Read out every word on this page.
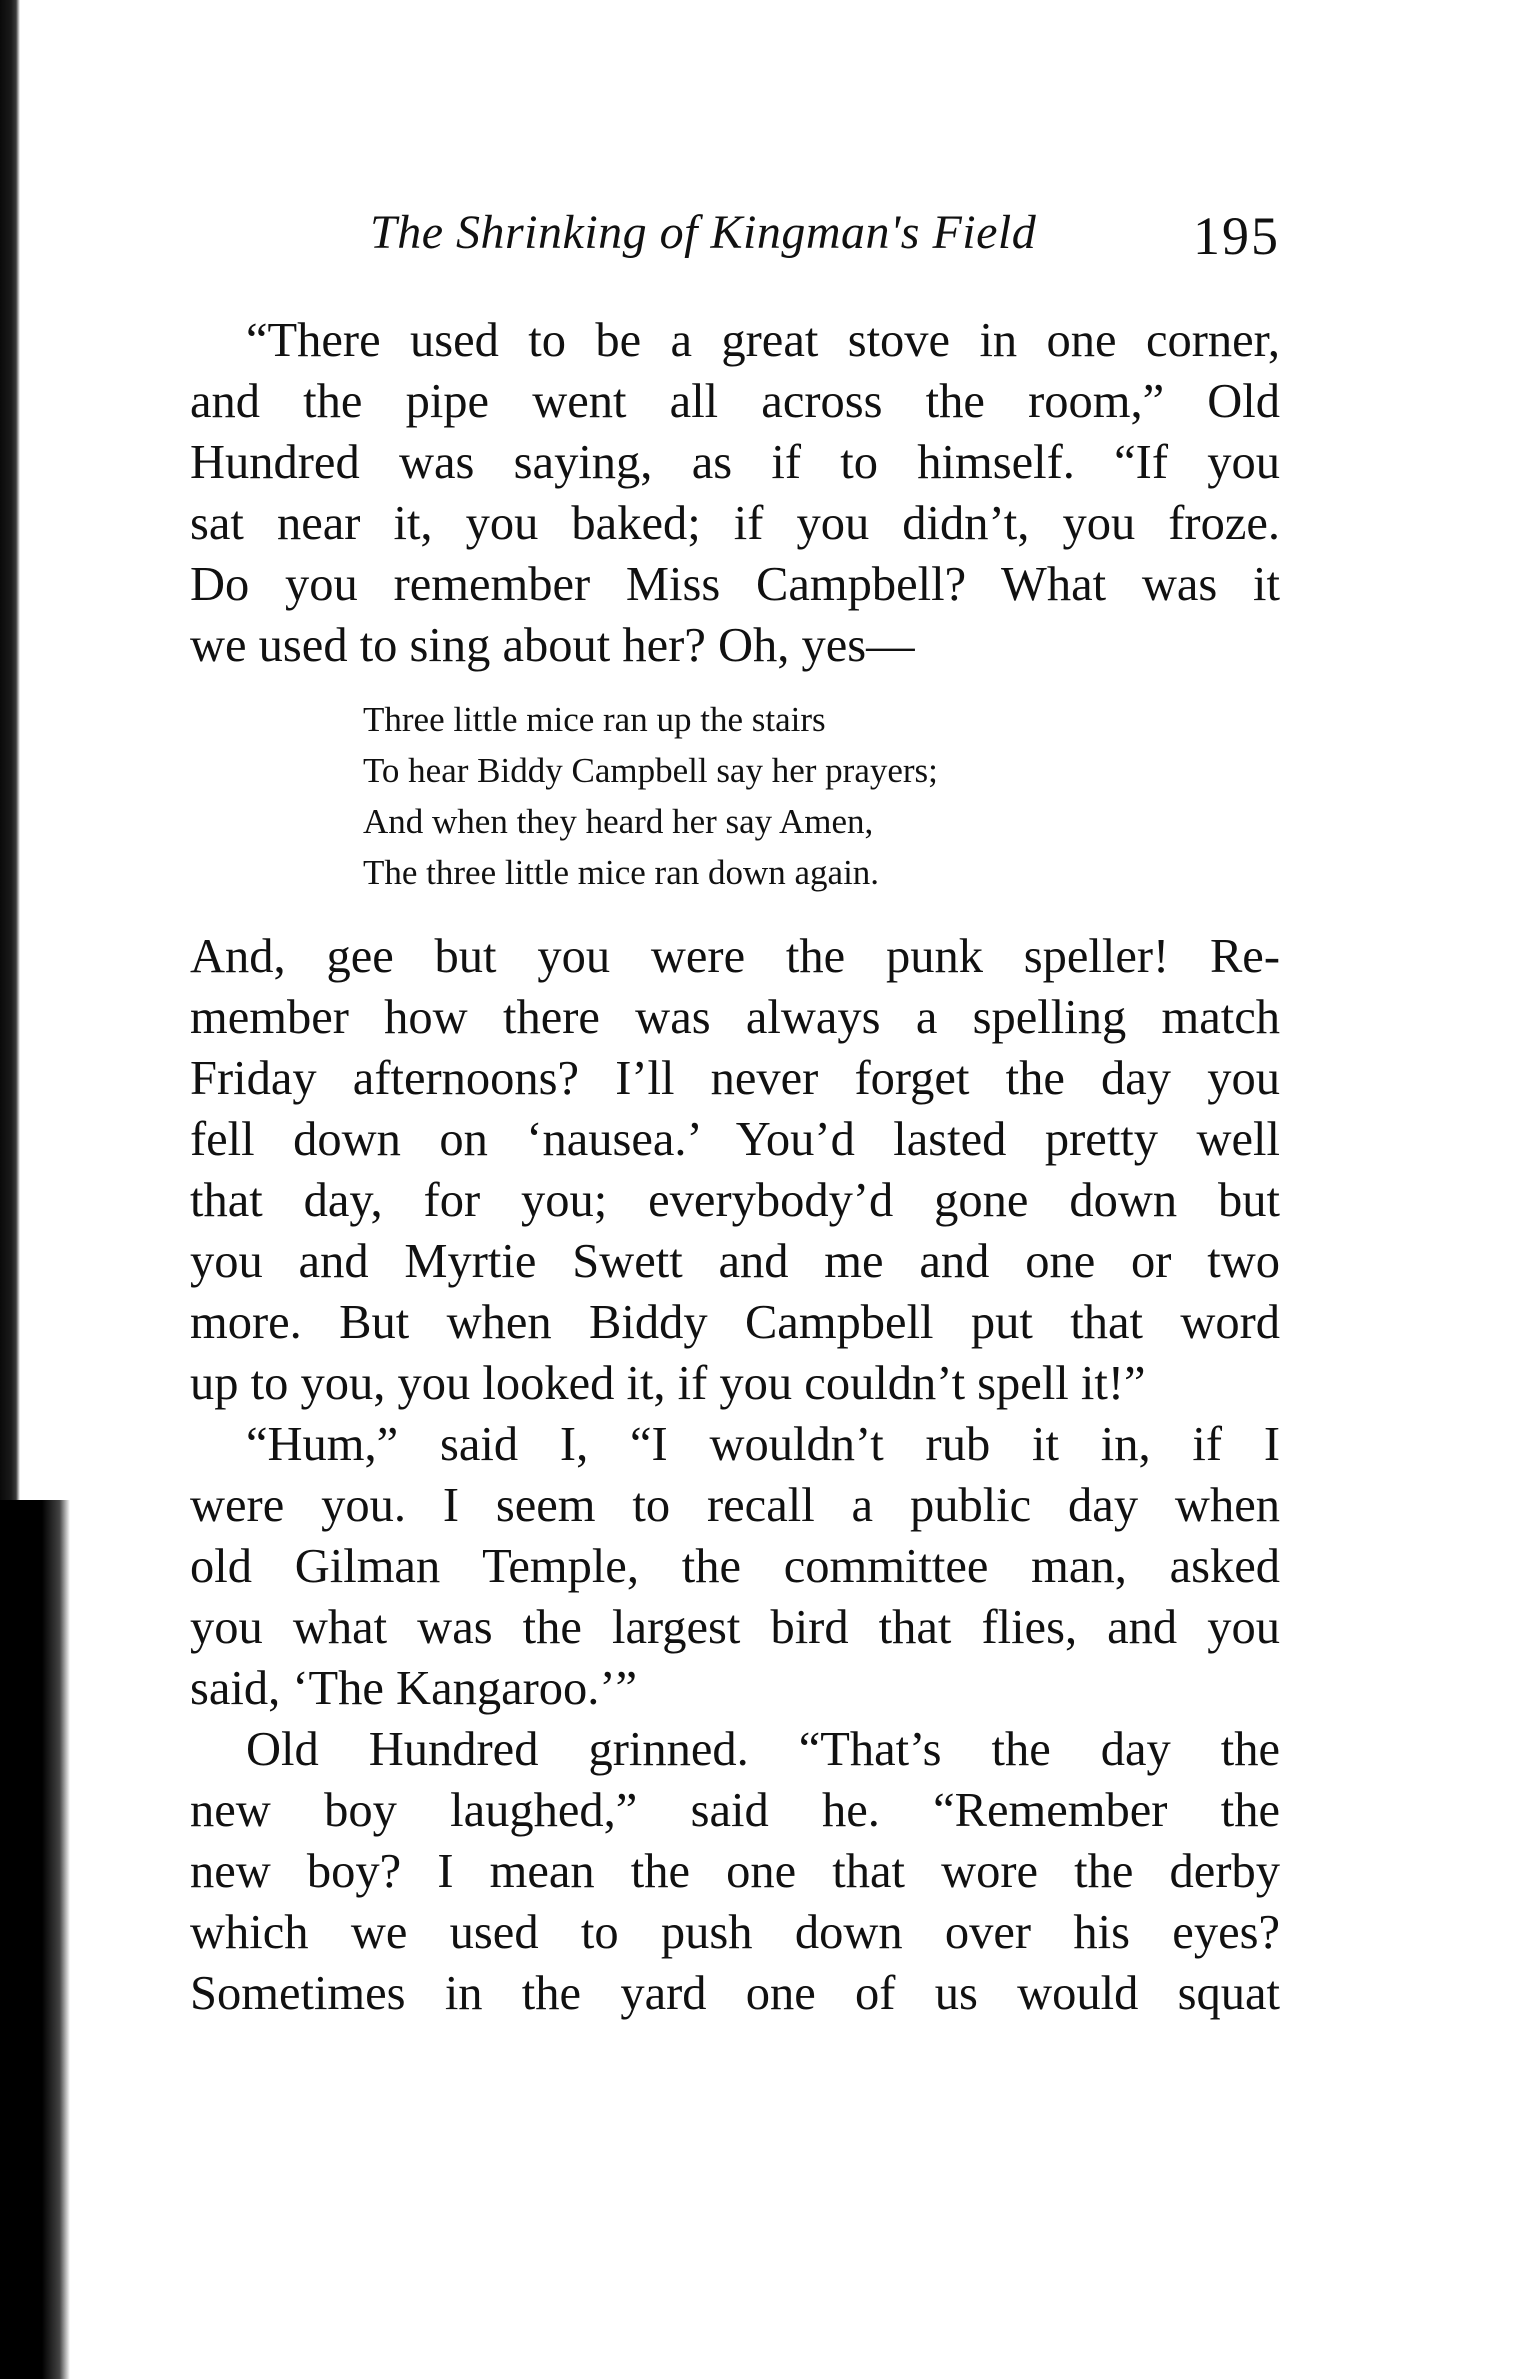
The Shrinking of Kingman's Field	195
“There used to be a great stove in one corner,
and the pipe went all across the room,” Old
Hundred was saying, as if to himself. “If you
sat near it, you baked; if you didn’t, you froze.
Do you remember Miss Campbell? What was it
we used to sing about her? Oh, yes—
Three little mice ran up the stairs
To hear Biddy Campbell say her prayers;
And when they heard her say Amen,
The three little mice ran down again.
And, gee but you were the punk speller! Re-
member how there was always a spelling match
Friday afternoons? I’ll never forget the day you
fell down on ‘nausea.’ You’d lasted pretty well
that day, for you; everybody’d gone down but
you and Myrtie Swett and me and one or two
more. But when Biddy Campbell put that word
up to you, you looked it, if you couldn’t spell it!”
“Hum,” said I, “I wouldn’t rub it in, if I
were you. I seem to recall a public day when
old Gilman Temple, the committee man, asked
you what was the largest bird that flies, and you
said, ‘The Kangaroo.’”
Old Hundred grinned. “That’s the day the
new boy laughed,” said he. “Remember the
new boy? I mean the one that wore the derby
which we used to push down over his eyes?
Sometimes in the yard one of us would squat
